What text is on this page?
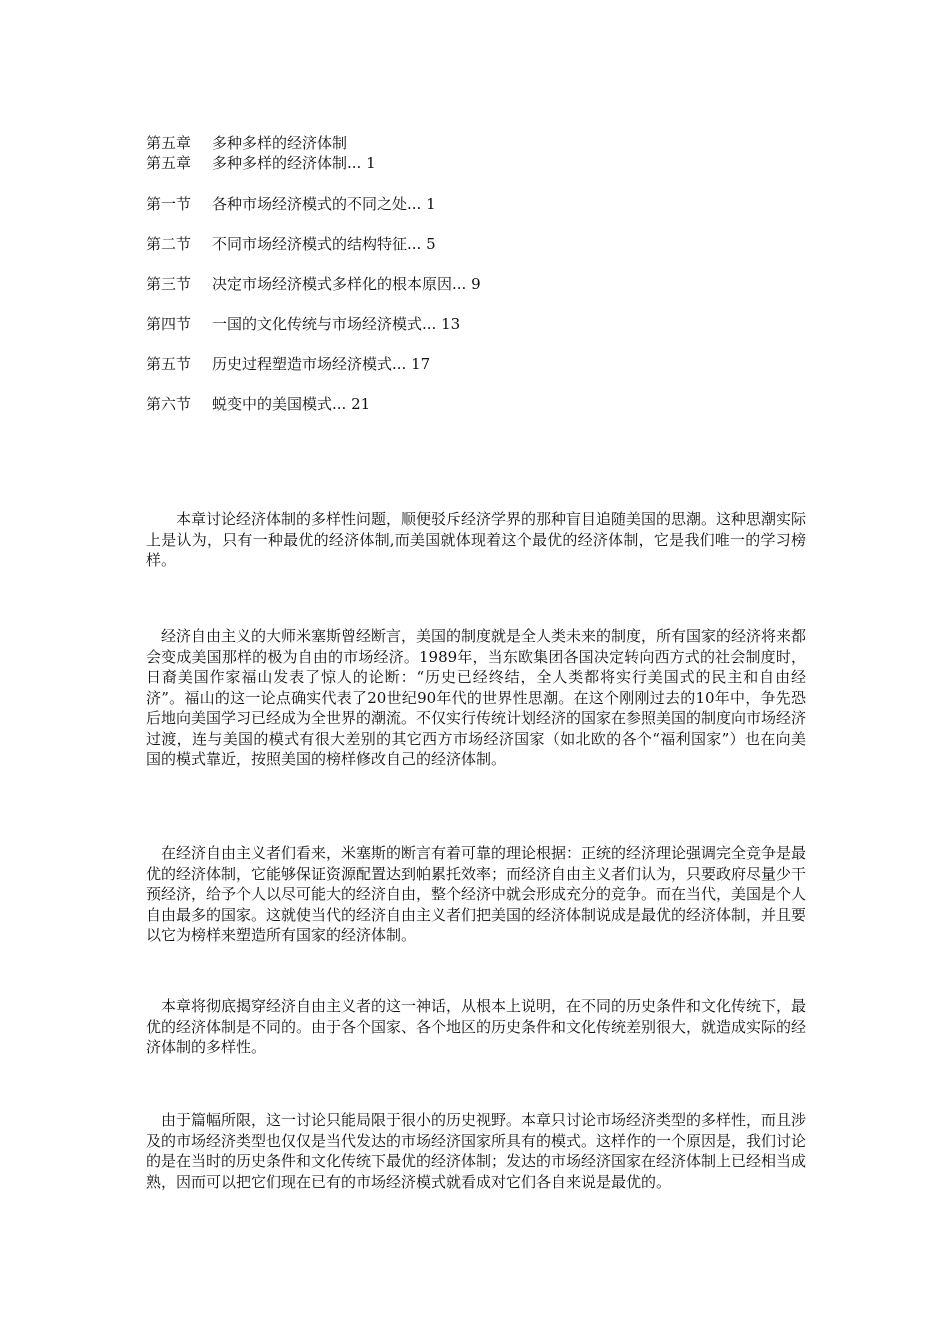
第五章 多种多样的经济体制
第五章 多种多样的经济体制... 1
第一节 各种市场经济模式的不同之处... 1
第二节 不同市场经济模式的结构特征... 5
第三节 决定市场经济模式多样化的根本原因... 9
第四节 一国的文化传统与市场经济模式... 13
第五节 历史过程塑造市场经济模式... 17
第六节 蜕变中的美国模式... 21

本章讨论经济体制的多样性问题，顺便驳斥经济学界的那种盲目追随美国的思潮。这种思潮实际上是认为，只有一种最优的经济体制,而美国就体现着这个最优的经济体制，它是我们唯一的学习榜样。

经济自由主义的大师米塞斯曾经断言，美国的制度就是全人类未来的制度，所有国家的经济将来都会变成美国那样的极为自由的市场经济。1989年，当东欧集团各国决定转向西方式的社会制度时，日裔美国作家福山发表了惊人的论断：“历史已经终结，全人类都将实行美国式的民主和自由经济”。福山的这一论点确实代表了20世纪90年代的世界性思潮。在这个刚刚过去的10年中，争先恐后地向美国学习已经成为全世界的潮流。不仅实行传统计划经济的国家在参照美国的制度向市场经济过渡，连与美国的模式有很大差别的其它西方市场经济国家（如北欧的各个“福利国家”）也在向美国的模式靠近，按照美国的榜样修改自己的经济体制。

在经济自由主义者们看来，米塞斯的断言有着可靠的理论根据：正统的经济理论强调完全竞争是最优的经济体制，它能够保证资源配置达到帕累托效率；而经济自由主义者们认为，只要政府尽量少干预经济，给予个人以尽可能大的经济自由，整个经济中就会形成充分的竞争。而在当代，美国是个人自由最多的国家。这就使当代的经济自由主义者们把美国的经济体制说成是最优的经济体制，并且要以它为榜样来塑造所有国家的经济体制。

本章将彻底揭穿经济自由主义者的这一神话，从根本上说明，在不同的历史条件和文化传统下，最优的经济体制是不同的。由于各个国家、各个地区的历史条件和文化传统差别很大，就造成实际的经济体制的多样性。

由于篇幅所限，这一讨论只能局限于很小的历史视野。本章只讨论市场经济类型的多样性，而且涉及的市场经济类型也仅仅是当代发达的市场经济国家所具有的模式。这样作的一个原因是，我们讨论的是在当时的历史条件和文化传统下最优的经济体制；发达的市场经济国家在经济体制上已经相当成熟，因而可以把它们现在已有的市场经济模式就看成对它们各自来说是最优的。
